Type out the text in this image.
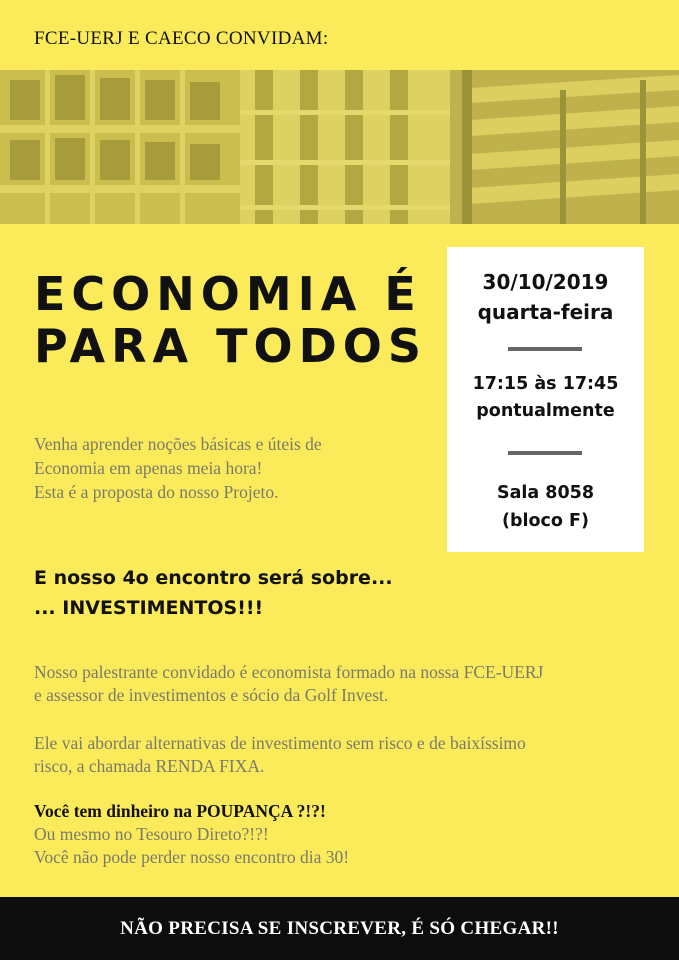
FCE-UERJ E CAECO CONVIDAM:
ECONOMIA É
PARA TODOS
Venha aprender noções básicas e úteis de
Economia em apenas meia hora!
Esta é a proposta do nosso Projeto.
30/10/2019
quarta-feira
17:15 às 17:45
pontualmente
Sala 8058
(bloco F)
E nosso 4o encontro será sobre...
... INVESTIMENTOS!!!
Nosso palestrante convidado é economista formado na nossa FCE-UERJ
e assessor de investimentos e sócio da Golf Invest.
Ele vai abordar alternativas de investimento sem risco e de baixíssimo
risco, a chamada RENDA FIXA.
Você tem dinheiro na POUPANÇA ?!?!
Ou mesmo no Tesouro Direto?!?!
Você não pode perder nosso encontro dia 30!
NÃO PRECISA SE INSCREVER, É SÓ CHEGAR!!
